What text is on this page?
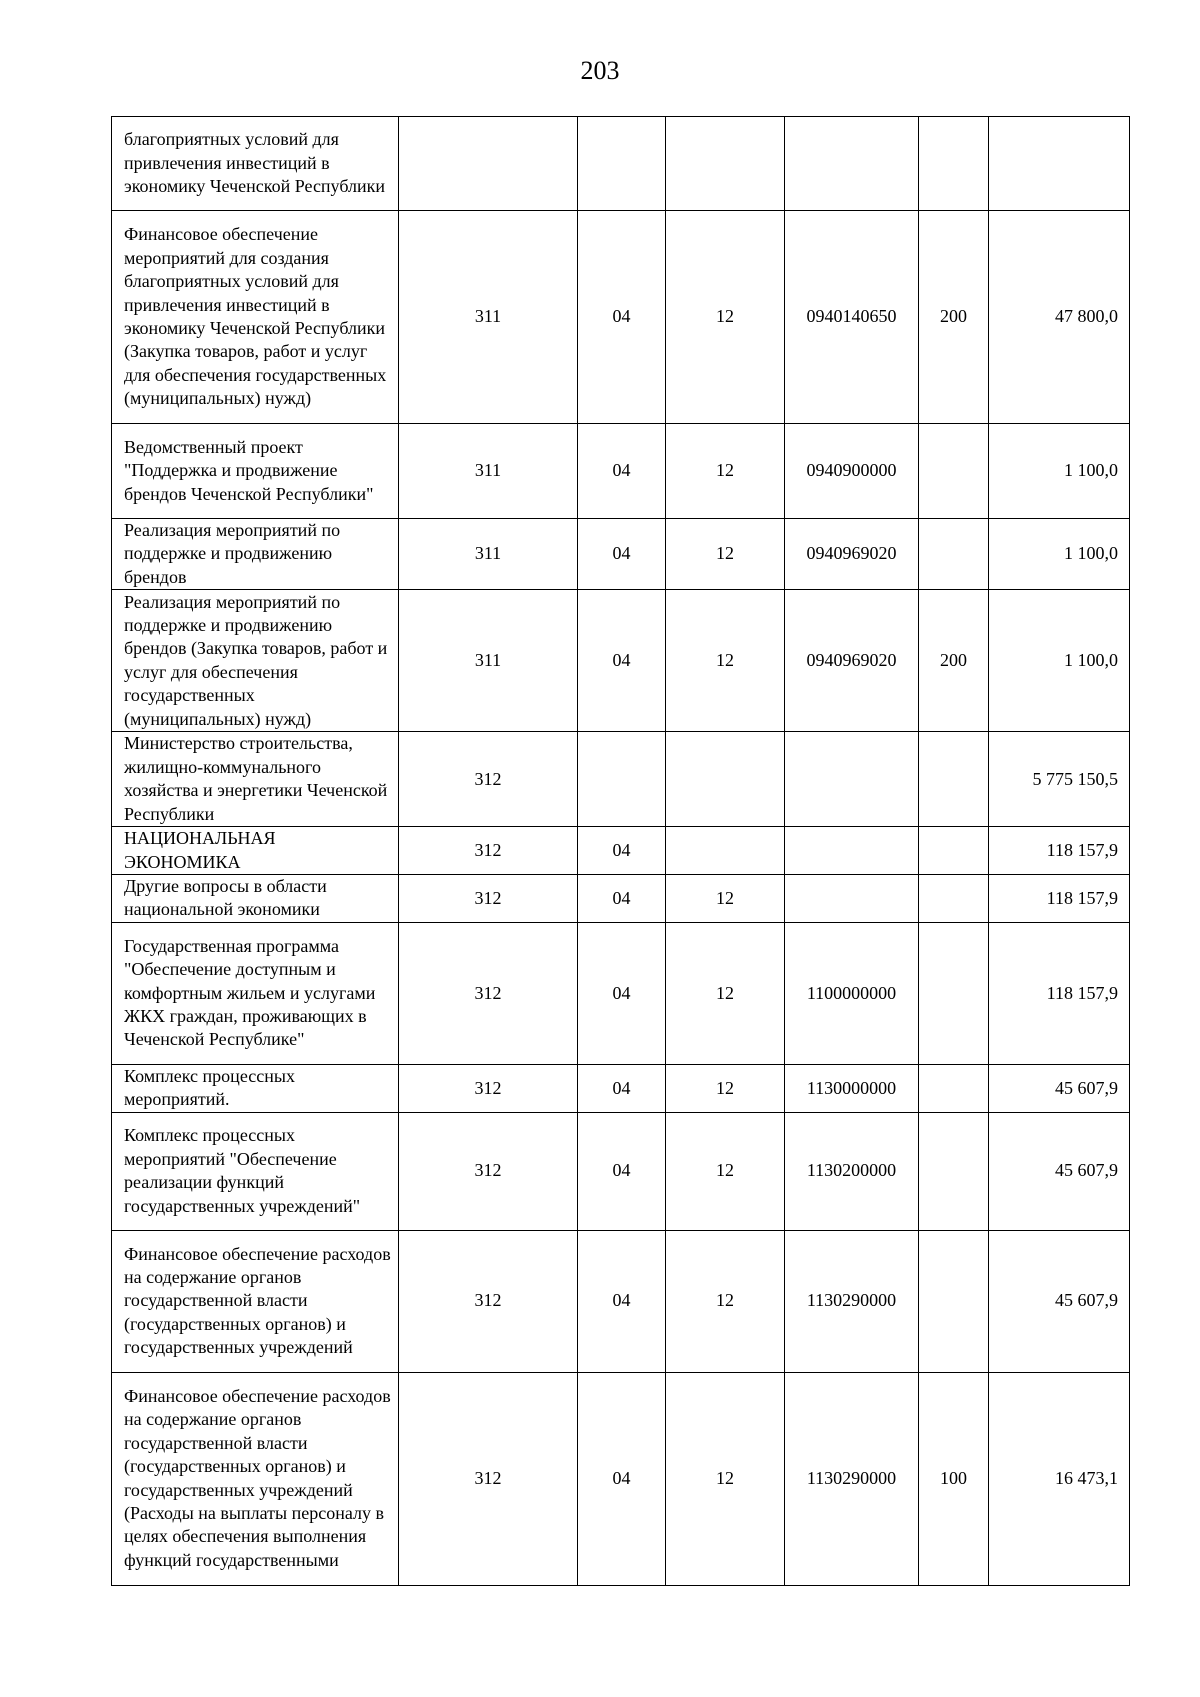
203
благоприятных условий для привлечения инвестиций в экономику Чеченской Республики						

Финансовое обеспечение мероприятий для создания благоприятных условий для привлечения инвестиций в экономику Чеченской Республики (Закупка товаров, работ и услуг для обеспечения государственных (муниципальных) нужд)	311	04	12	0940140650	200	47 800,0

Ведомственный проект "Поддержка и продвижение брендов Чеченской Республики"	311	04	12	0940900000		1 100,0

Реализация мероприятий по поддержке и продвижению брендов	311	04	12	0940969020		1 100,0

Реализация мероприятий по поддержке и продвижению брендов (Закупка товаров, работ и услуг для обеспечения государственных (муниципальных) нужд)	311	04	12	0940969020	200	1 100,0

Министерство строительства, жилищно-коммунального хозяйства и энергетики Чеченской Республики	312					5 775 150,5

НАЦИОНАЛЬНАЯ ЭКОНОМИКА	312	04				118 157,9

Другие вопросы в области национальной экономики	312	04	12			118 157,9

Государственная программа "Обеспечение доступным и комфортным жильем и услугами ЖКХ граждан, проживающих в Чеченской Республике"	312	04	12	1100000000		118 157,9

Комплекс процессных мероприятий.	312	04	12	1130000000		45 607,9

Комплекс процессных мероприятий "Обеспечение реализации функций государственных учреждений"	312	04	12	1130200000		45 607,9

Финансовое обеспечение расходов на содержание органов государственной власти (государственных органов) и государственных учреждений	312	04	12	1130290000		45 607,9

Финансовое обеспечение расходов на содержание органов государственной власти (государственных органов) и государственных учреждений (Расходы на выплаты персоналу в целях обеспечения выполнения функций государственными	312	04	12	1130290000	100	16 473,1
